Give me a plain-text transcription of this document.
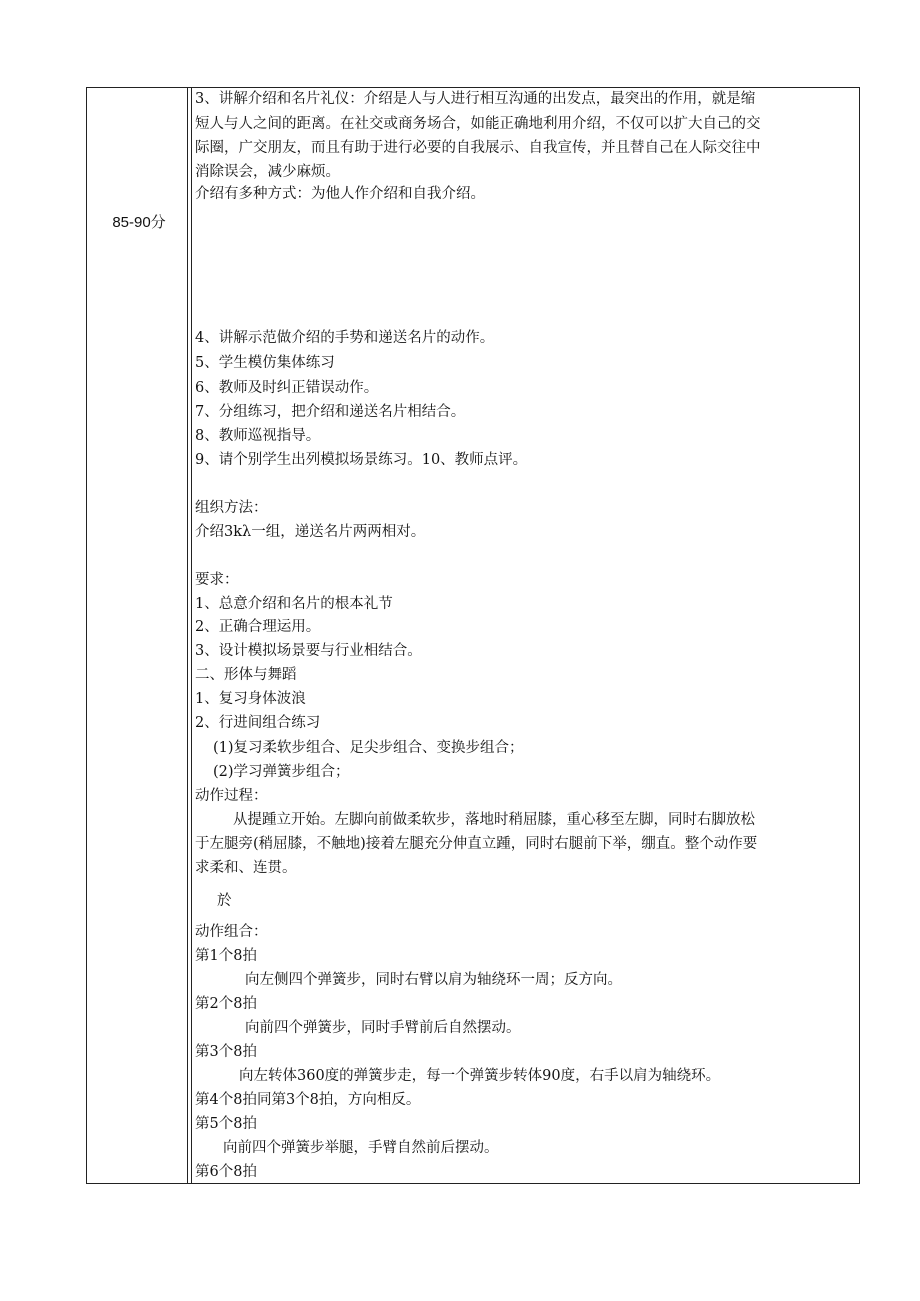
85-90分
3、讲解介绍和名片礼仪：介绍是人与人进行相互沟通的出发点，最突出的作用，就是缩
短人与人之间的距离。在社交或商务场合，如能正确地利用介绍，不仅可以扩大自己的交
际圈，广交朋友，而且有助于进行必要的自我展示、自我宣传，并且替自己在人际交往中
消除误会，减少麻烦。
介绍有多种方式：为他人作介绍和自我介绍。
4、讲解示范做介绍的手势和递送名片的动作。
5、学生模仿集体练习
6、教师及时纠正错误动作。
7、分组练习，把介绍和递送名片相结合。
8、教师巡视指导。
9、请个别学生出列模拟场景练习。10、教师点评。
组织方法：
介绍3kλ一组，递送名片两两相对。
要求：
1、总意介绍和名片的根本礼节
2、正确合理运用。
3、设计模拟场景要与行业相结合。
二、形体与舞蹈
1、复习身体波浪
2、行进间组合练习
(1)复习柔软步组合、足尖步组合、变换步组合；
(2)学习弹簧步组合；
动作过程：
从提踵立开始。左脚向前做柔软步，落地时稍屈膝，重心移至左脚，同时右脚放松
于左腿旁(稍屈膝，不触地)接着左腿充分伸直立踵，同时右腿前下举，绷直。整个动作要
求柔和、连贯。
於
动作组合：
第1个8拍
向左侧四个弹簧步，同时右臂以肩为轴绕环一周；反方向。
第2个8拍
向前四个弹簧步，同时手臂前后自然摆动。
第3个8拍
向左转体360度的弹簧步走，每一个弹簧步转体90度，右手以肩为轴绕环。
第4个8拍同第3个8拍，方向相反。
第5个8拍
向前四个弹簧步举腿，手臂自然前后摆动。
第6个8拍
